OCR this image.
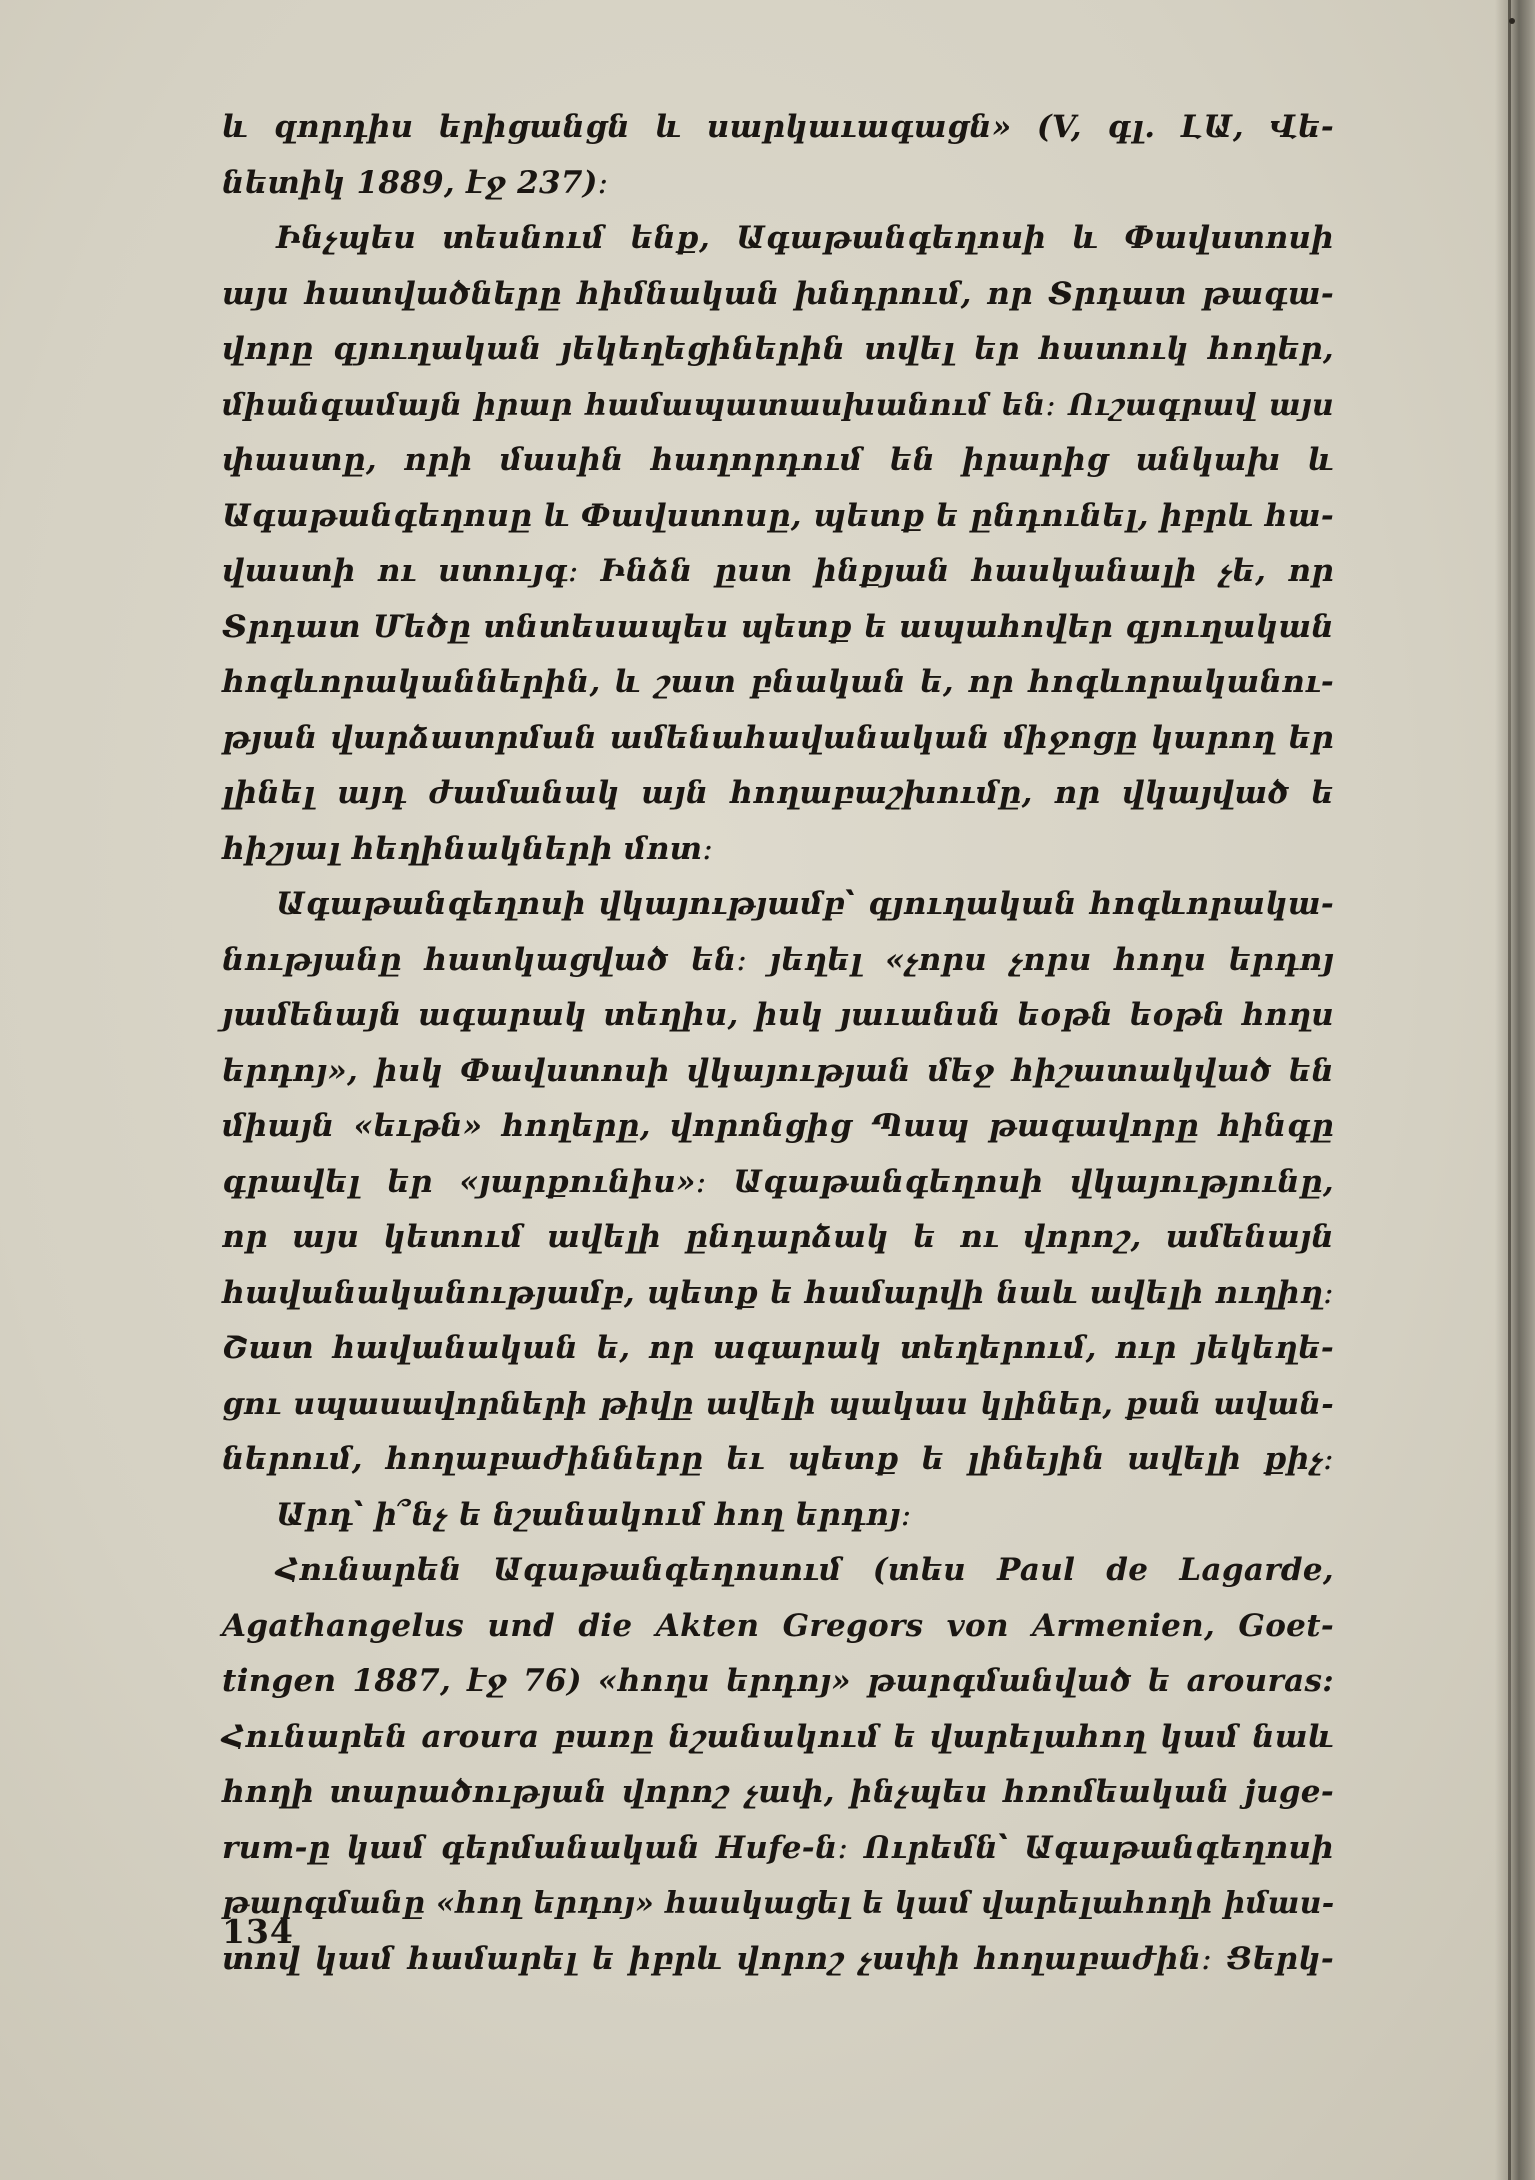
և զորդիս երիցանցն և սարկաւագացն» (V, գլ. ԼԱ, Վե-
նետիկ 1889, էջ 237)։
Ինչպես տեսնում ենք, Ագաթանգեղոսի և Փավստոսի
այս հատվածները հիմնական խնդրում, որ Տրդատ թագա-
վորը գյուղական յեկեղեցիներին տվել եր հատուկ հողեր,
միանգամայն իրար համապատասխանում են։ Ուշագրավ այս
փաստը, որի մասին հաղորդում են իրարից անկախ և
Ագաթանգեղոսը և Փավստոսը, պետք ե ընդունել, իբրև հա-
վաստի ու ստույգ։ Ինձն ըստ ինքյան հասկանալի չե, որ
Տրդատ Մեծը տնտեսապես պետք ե ապահովեր գյուղական
հոգևորականներին, և շատ բնական ե, որ հոգևորականու-
թյան վարձատրման ամենահավանական միջոցը կարող եր
լինել այդ ժամանակ այն հողաբաշխումը, որ վկայված ե
հիշյալ հեղինակների մոտ։
Ագաթանգեղոսի վկայությամբ՝ գյուղական հոգևորակա-
նությանը հատկացված են։ յեղել «չորս չորս հողս երդոյ
յամենայն ագարակ տեղիս, իսկ յաւանսն եօթն եօթն հողս
երդոյ», իսկ Փավստոսի վկայության մեջ հիշատակված են
միայն «եւթն» հողերը, վորոնցից Պապ թագավորը հինգը
գրավել եր «յարքունիս»։ Ագաթանգեղոսի վկայությունը,
որ այս կետում ավելի ընդարձակ ե ու վորոշ, ամենայն
հավանականությամբ, պետք ե համարվի նաև ավելի ուղիղ։
Շատ հավանական ե, որ ագարակ տեղերում, ուր յեկեղե-
ցու սպասավորների թիվը ավելի պակաս կլիներ, քան ավան-
ներում, հողաբաժինները եւ պետք ե լինեյին ավելի քիչ։
Արդ՝ ի՞նչ ե նշանակում հող երդոյ։
Հունարեն Ագաթանգեղոսում (տես Paul de Lagarde,
Agathangelus und die Akten Gregors von Armenien, Goet-
tingen 1887, էջ 76) «հողս երդոյ» թարգմանված ե arouras:
Հունարեն aroura բառը նշանակում ե վարելահող կամ նաև
հողի տարածության վորոշ չափ, ինչպես հռոմեական juge-
rum-ը կամ գերմանական Hufe-ն։ Ուրեմն՝ Ագաթանգեղոսի
թարգմանը «հող երդոյ» հասկացել ե կամ վարելահողի իմաս-
տով կամ համարել ե իբրև վորոշ չափի հողաբաժին։ Ցերկ-
134
